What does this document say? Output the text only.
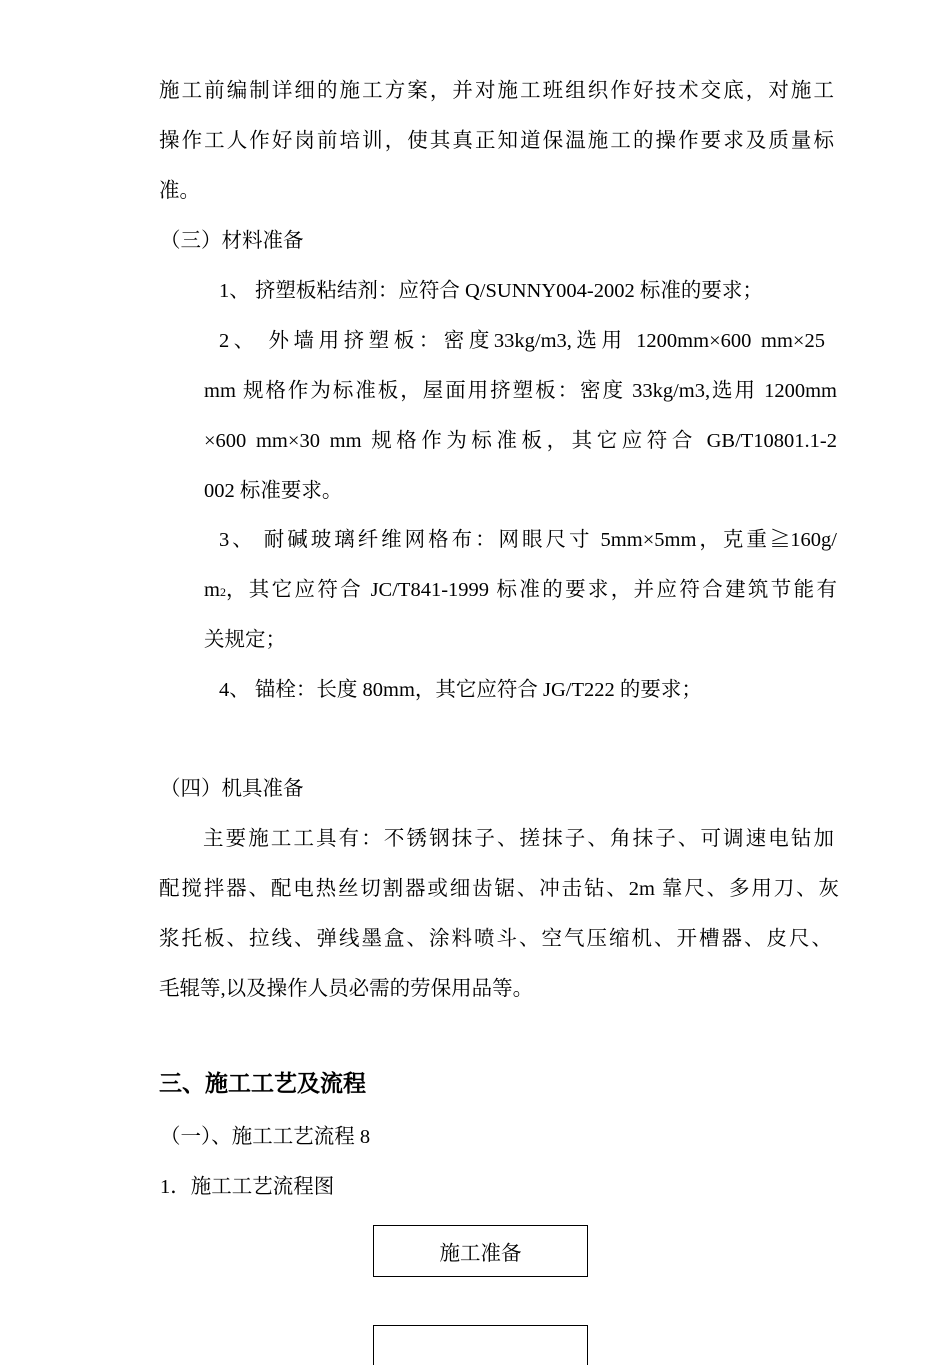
施工前编制详细的施工方案，并对施工班组织作好技术交底，对施工
操作工人作好岗前培训，使其真正知道保温施工的操作要求及质量标
准。
（三）材料准备
1、 挤塑板粘结剂：应符合 Q/SUNNY004-2002 标准的要求；
2、 外墙用挤塑板：密度33kg/m3,选用 1200mm×600 mm×25
mm 规格作为标准板，屋面用挤塑板：密度 33kg/m3,选用 1200mm
×600 mm×30 mm 规格作为标准板，其它应符合 GB/T10801.1-2
002 标准要求。
3、 耐碱玻璃纤维网格布：网眼尺寸 5mm×5mm，克重≧160g/
m 2 ，其它应符合 JC/T841-1999 标准的要求，并应符合建筑节能有
关规定；
4、 锚栓：长度 80mm，其它应符合 JG/T222 的要求；
（四）机具准备
主要施工工具有：不锈钢抹子、搓抹子、角抹子、可调速电钻加
配搅拌器、配电热丝切割器或细齿锯、冲击钻、2m 靠尺、多用刀、灰
浆托板、拉线、弹线墨盒、涂料喷斗、空气压缩机、开槽器、皮尺、
毛辊等,以及操作人员必需的劳保用品等。
三、施工工艺及流程
（一）、施工工艺流程 8
1．施工工艺流程图
施工准备
